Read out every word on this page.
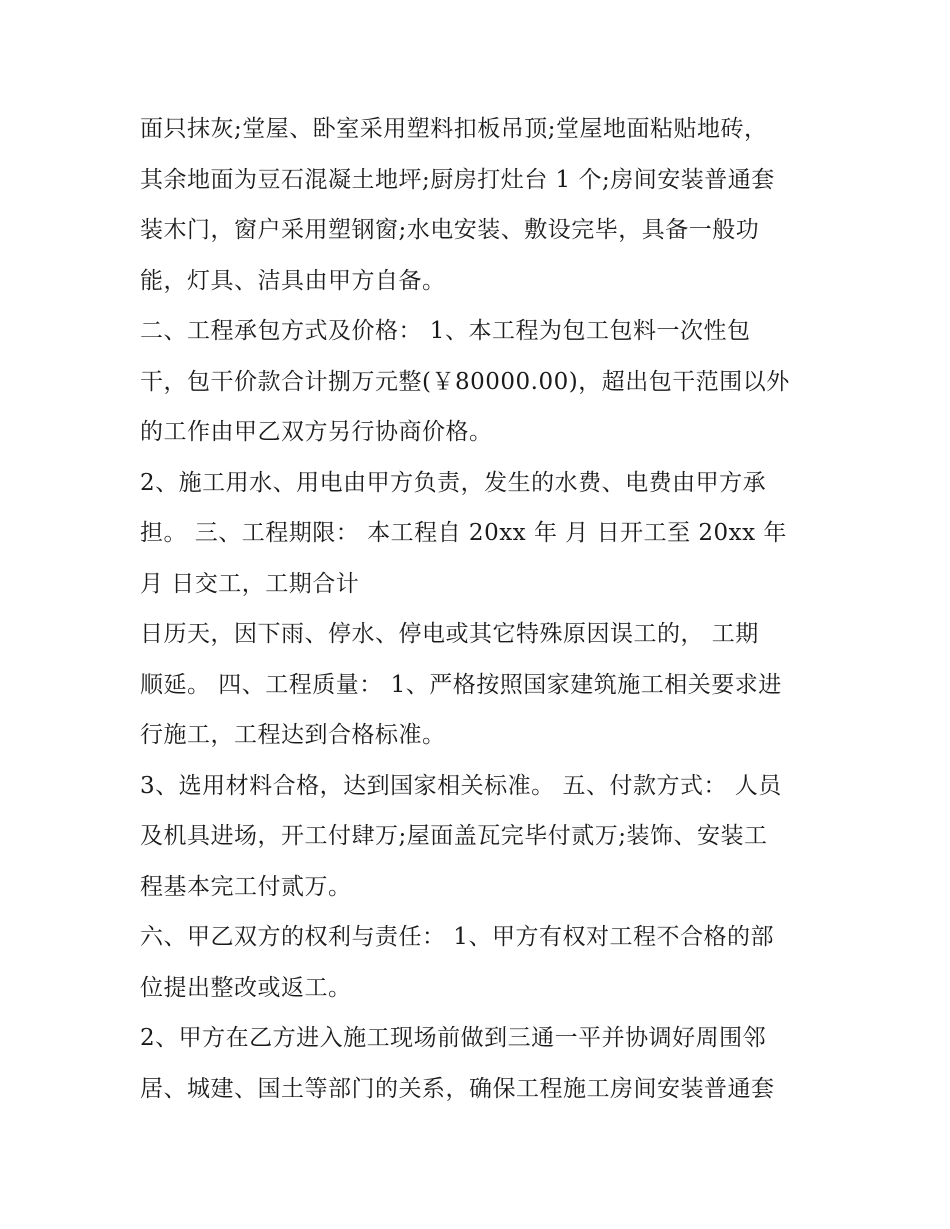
面只抹灰;堂屋、卧室采用塑料扣板吊顶;堂屋地面粘贴地砖，
其余地面为豆石混凝土地坪;厨房打灶台 1 个;房间安装普通套
装木门，窗户采用塑钢窗;水电安装、敷设完毕，具备一般功
能，灯具、洁具由甲方自备。
二、工程承包方式及价格： 1、本工程为包工包料一次性包
干，包干价款合计捌万元整(￥80000.00)，超出包干范围以外
的工作由甲乙双方另行协商价格。
2、施工用水、用电由甲方负责，发生的水费、电费由甲方承
担。 三、工程期限： 本工程自 20xx 年 月 日开工至 20xx 年
月 日交工，工期合计
日历天，因下雨、停水、停电或其它特殊原因误工的， 工期
顺延。 四、工程质量： 1、严格按照国家建筑施工相关要求进
行施工，工程达到合格标准。
3、选用材料合格，达到国家相关标准。 五、付款方式： 人员
及机具进场，开工付肆万;屋面盖瓦完毕付贰万;装饰、安装工
程基本完工付贰万。
六、甲乙双方的权利与责任： 1、甲方有权对工程不合格的部
位提出整改或返工。
2、甲方在乙方进入施工现场前做到三通一平并协调好周围邻
居、城建、国土等部门的关系，确保工程施工房间安装普通套
